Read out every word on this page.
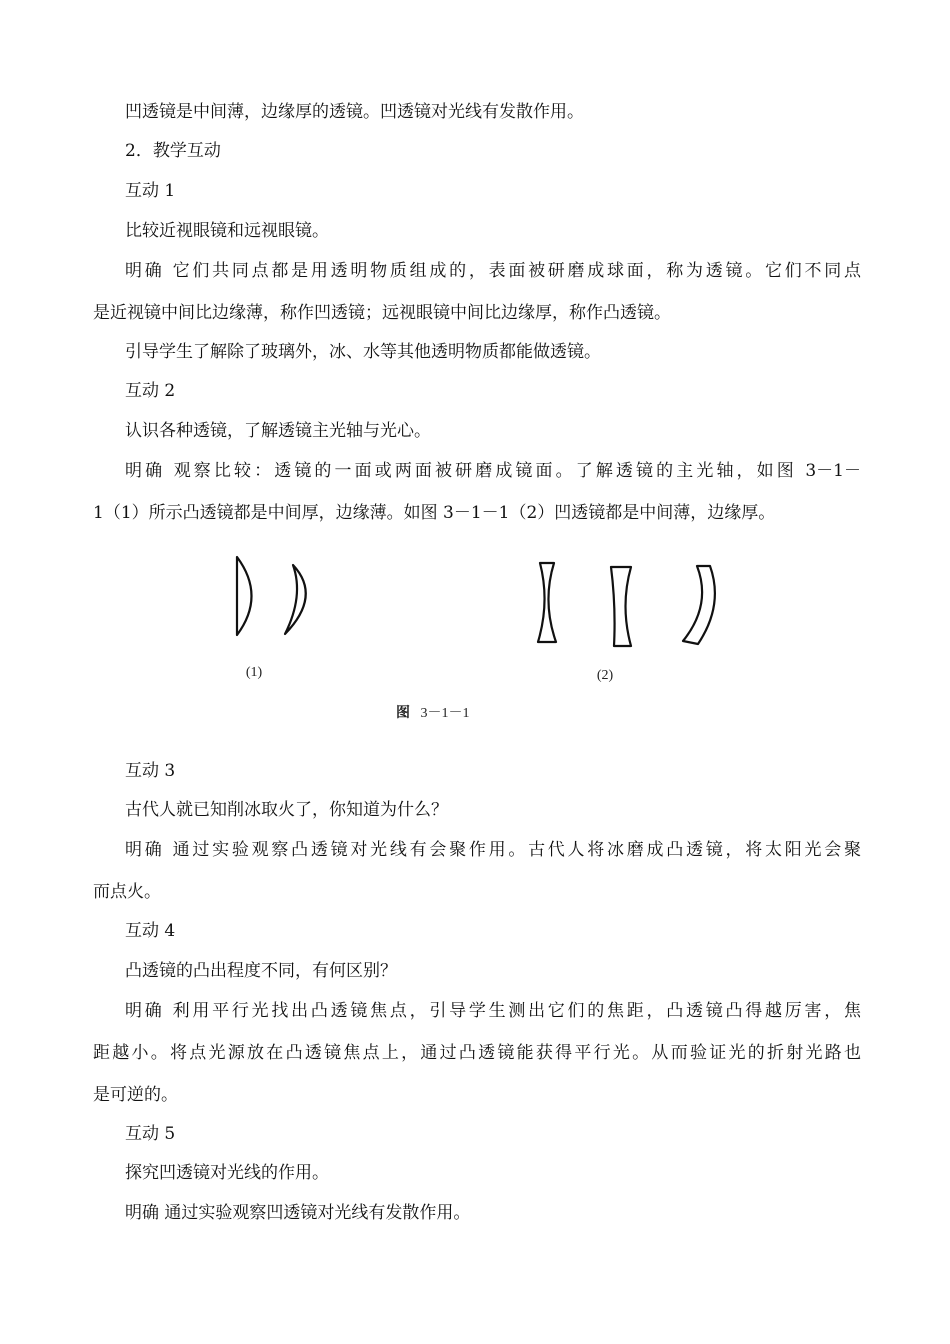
凹透镜是中间薄，边缘厚的透镜。凹透镜对光线有发散作用。
2．教学互动
互动 1
比较近视眼镜和远视眼镜。
明确 它们共同点都是用透明物质组成的，表面被研磨成球面，称为透镜。它们不同点
是近视镜中间比边缘薄，称作凹透镜；远视眼镜中间比边缘厚，称作凸透镜。
引导学生了解除了玻璃外，冰、水等其他透明物质都能做透镜。
互动 2
认识各种透镜，了解透镜主光轴与光心。
明确 观察比较：透镜的一面或两面被研磨成镜面。了解透镜的主光轴，如图 3－1－
1（1）所示凸透镜都是中间厚，边缘薄。如图 3－1－1（2）凹透镜都是中间薄，边缘厚。
(1)	(2)
图 3－1－1
互动 3
古代人就已知削冰取火了，你知道为什么？
明确 通过实验观察凸透镜对光线有会聚作用。古代人将冰磨成凸透镜，将太阳光会聚
而点火。
互动 4
凸透镜的凸出程度不同，有何区别？
明确 利用平行光找出凸透镜焦点，引导学生测出它们的焦距，凸透镜凸得越厉害，焦
距越小。将点光源放在凸透镜焦点上，通过凸透镜能获得平行光。从而验证光的折射光路也
是可逆的。
互动 5
探究凹透镜对光线的作用。
明确 通过实验观察凹透镜对光线有发散作用。
